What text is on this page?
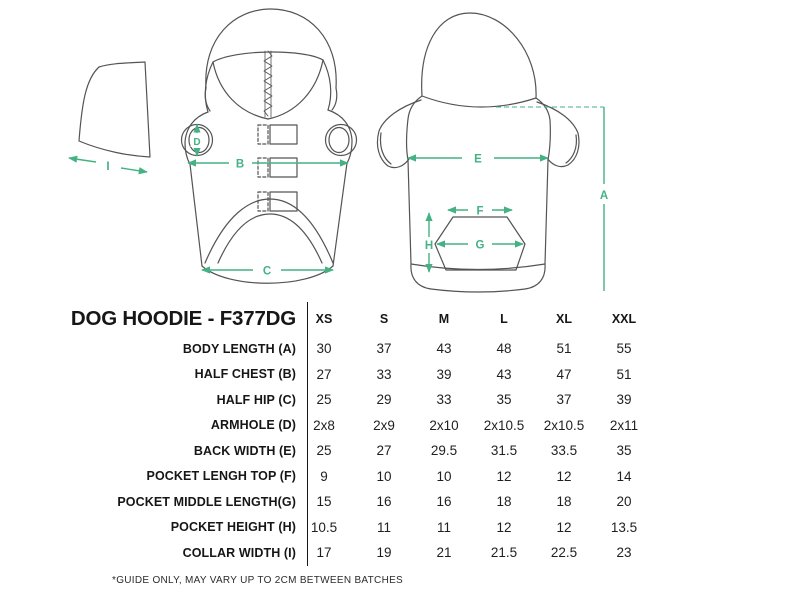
I
D
B
C
E
F
G
H
A
DOG HOODIE - F377DG	XS	S	M	L	XL	XXL
BODY LENGTH (A)	30	37	43	48	51	55
HALF CHEST (B)	27	33	39	43	47	51
HALF HIP (C)	25	29	33	35	37	39
ARMHOLE (D)	2x8	2x9	2x10	2x10.5	2x10.5	2x11
BACK WIDTH (E)	25	27	29.5	31.5	33.5	35
POCKET LENGH TOP (F)	9	10	10	12	12	14
POCKET MIDDLE LENGTH(G)	15	16	16	18	18	20
POCKET HEIGHT (H)	10.5	11	11	12	12	13.5
COLLAR WIDTH (I)	17	19	21	21.5	22.5	23
*GUIDE ONLY, MAY VARY UP TO 2CM BETWEEN BATCHES
